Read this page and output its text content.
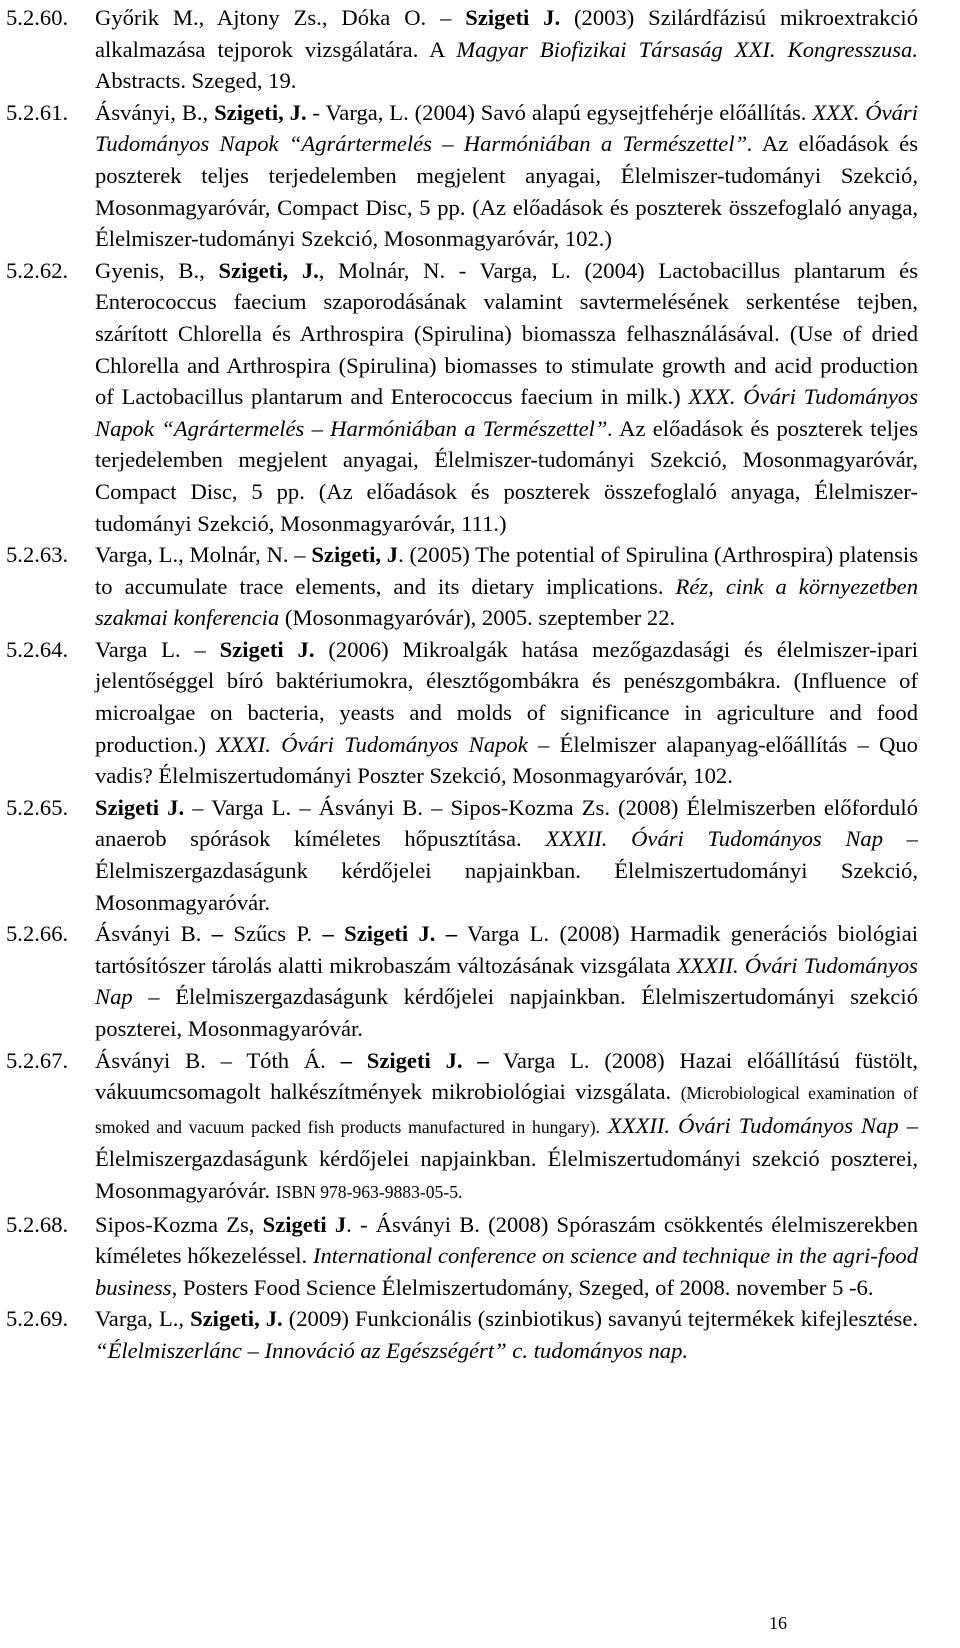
5.2.60.	Győrik M., Ajtony Zs., Dóka O. – Szigeti J. (2003) Szilárdfázisú mikroextrakció alkalmazása tejporok vizsgálatára. A Magyar Biofizikai Társaság XXI. Kongresszusa. Abstracts. Szeged, 19.
5.2.61.	Ásványi, B., Szigeti, J. - Varga, L. (2004) Savó alapú egysejtfehérje előállítás. XXX. Óvári Tudományos Napok “Agrártermelés – Harmóniában a Természettel”. Az előadások és poszterek teljes terjedelemben megjelent anyagai, Élelmiszer-tudományi Szekció, Mosonmagyaróvár, Compact Disc, 5 pp. (Az előadások és poszterek összefoglaló anyaga, Élelmiszer-tudományi Szekció, Mosonmagyaróvár, 102.)
5.2.62.	Gyenis, B., Szigeti, J., Molnár, N. - Varga, L. (2004) Lactobacillus plantarum és Enterococcus faecium szaporodásának valamint savtermelésének serkentése tejben, szárított Chlorella és Arthrospira (Spirulina) biomassza felhasználásával. (Use of dried Chlorella and Arthrospira (Spirulina) biomasses to stimulate growth and acid production of Lactobacillus plantarum and Enterococcus faecium in milk.) XXX. Óvári Tudományos Napok “Agrártermelés – Harmóniában a Természettel”. Az előadások és poszterek teljes terjedelemben megjelent anyagai, Élelmiszer-tudományi Szekció, Mosonmagyaróvár, Compact Disc, 5 pp. (Az előadások és poszterek összefoglaló anyaga, Élelmiszer-tudományi Szekció, Mosonmagyaróvár, 111.)
5.2.63.	Varga, L., Molnár, N. – Szigeti, J. (2005) The potential of Spirulina (Arthrospira) platensis to accumulate trace elements, and its dietary implications. Réz, cink a környezetben szakmai konferencia (Mosonmagyaróvár), 2005. szeptember 22.
5.2.64.	Varga L. – Szigeti J. (2006) Mikroalgák hatása mezőgazdasági és élelmiszer-ipari jelentőséggel bíró baktériumokra, élesztőgombákra és penészgombákra. (Influence of microalgae on bacteria, yeasts and molds of significance in agriculture and food production.) XXXI. Óvári Tudományos Napok – Élelmiszer alapanyag-előállítás – Quo vadis? Élelmiszertudományi Poszter Szekció, Mosonmagyaróvár, 102.
5.2.65.	Szigeti J. – Varga L. – Ásványi B. – Sipos-Kozma Zs. (2008) Élelmiszerben előforduló anaerob spórások kíméletes hőpusztítása. XXXII. Óvári Tudományos Nap – Élelmiszergazdaságunk kérdőjelei napjainkban. Élelmiszertudományi Szekció, Mosonmagyaróvár.
5.2.66.	Ásványi B. – Szűcs P. – Szigeti J. – Varga L. (2008) Harmadik generációs biológiai tartósítószer tárolás alatti mikrobaszám változásának vizsgálata XXXII. Óvári Tudományos Nap – Élelmiszergazdaságunk kérdőjelei napjainkban. Élelmiszertudományi szekció poszterei, Mosonmagyaróvár.
5.2.67.	Ásványi B. – Tóth Á. – Szigeti J. – Varga L. (2008) Hazai előállítású füstölt, vákuumcsomagolt halkészítmények mikrobiológiai vizsgálata. (Microbiological examination of smoked and vacuum packed fish products manufactured in hungary). XXXII. Óvári Tudományos Nap – Élelmiszergazdaságunk kérdőjelei napjainkban. Élelmiszertudományi szekció poszterei, Mosonmagyaróvár. ISBN 978-963-9883-05-5.
5.2.68.	Sipos-Kozma Zs, Szigeti J. - Ásványi B. (2008) Spóraszám csökkentés élelmiszerekben kíméletes hőkezeléssel. International conference on science and technique in the agri-food business, Posters Food Science Élelmiszertudomány, Szeged, of 2008. november 5 -6.
5.2.69.	Varga, L., Szigeti, J. (2009) Funkcionális (szinbiotikus) savanyú tejtermékek kifejlesztése. “Élelmiszerlánc – Innováció az Egészségért” c. tudományos nap.
16
